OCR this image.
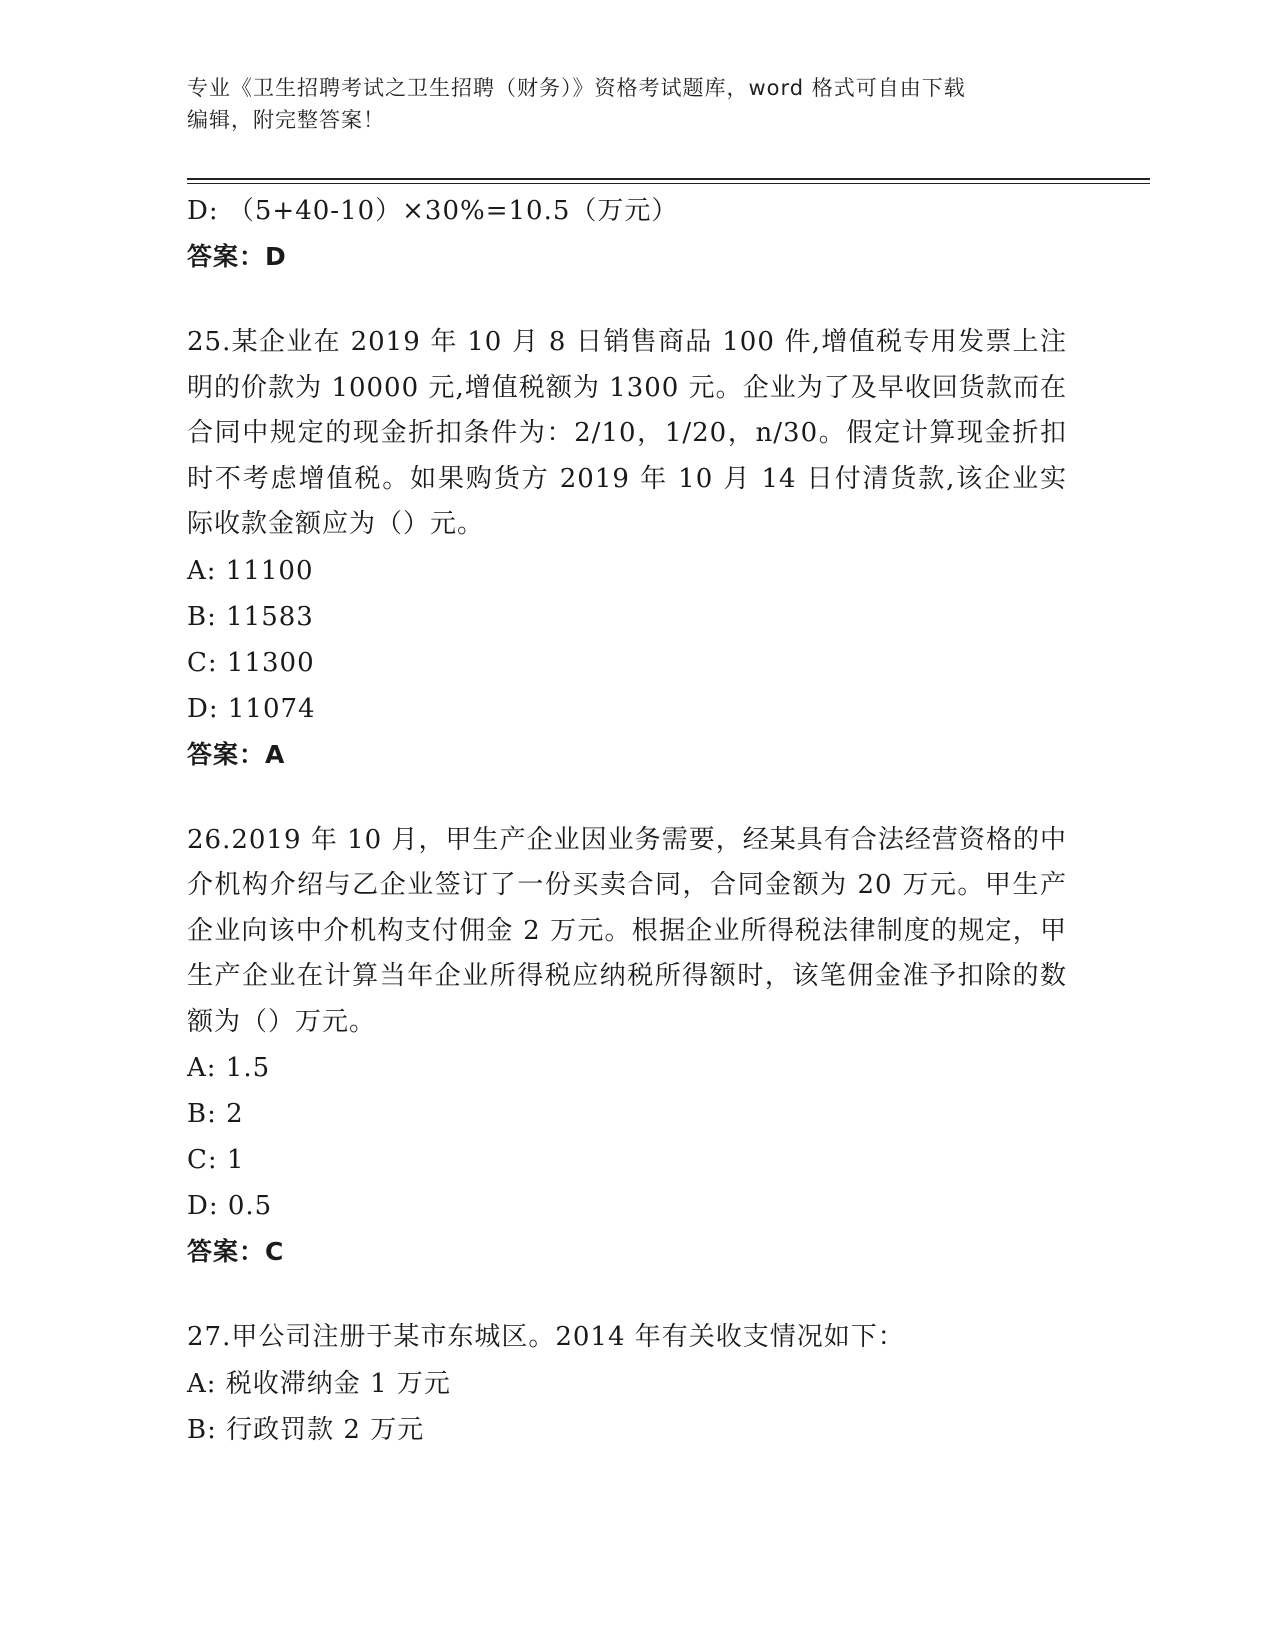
专业《卫生招聘考试之卫生招聘（财务）》资格考试题库，word 格式可自由下载
编辑，附完整答案！
D: （5+40-10）×30%=10.5（万元）
答案：D
25.某企业在 2019 年 10 月 8 日销售商品 100 件,增值税专用发票上注明的价款为 10000 元,增值税额为 1300 元。企业为了及早收回货款而在合同中规定的现金折扣条件为：2/10，1/20，n/30。假定计算现金折扣时不考虑增值税。如果购货方 2019 年 10 月 14 日付清货款,该企业实际收款金额应为（）元。
A: 11100
B: 11583
C: 11300
D: 11074
答案：A
26.2019 年 10 月，甲生产企业因业务需要，经某具有合法经营资格的中介机构介绍与乙企业签订了一份买卖合同，合同金额为 20 万元。甲生产企业向该中介机构支付佣金 2 万元。根据企业所得税法律制度的规定，甲生产企业在计算当年企业所得税应纳税所得额时，该笔佣金准予扣除的数额为（）万元。
A: 1.5
B: 2
C: 1
D: 0.5
答案：C
27.甲公司注册于某市东城区。2014 年有关收支情况如下：
A: 税收滞纳金 1 万元
B: 行政罚款 2 万元
